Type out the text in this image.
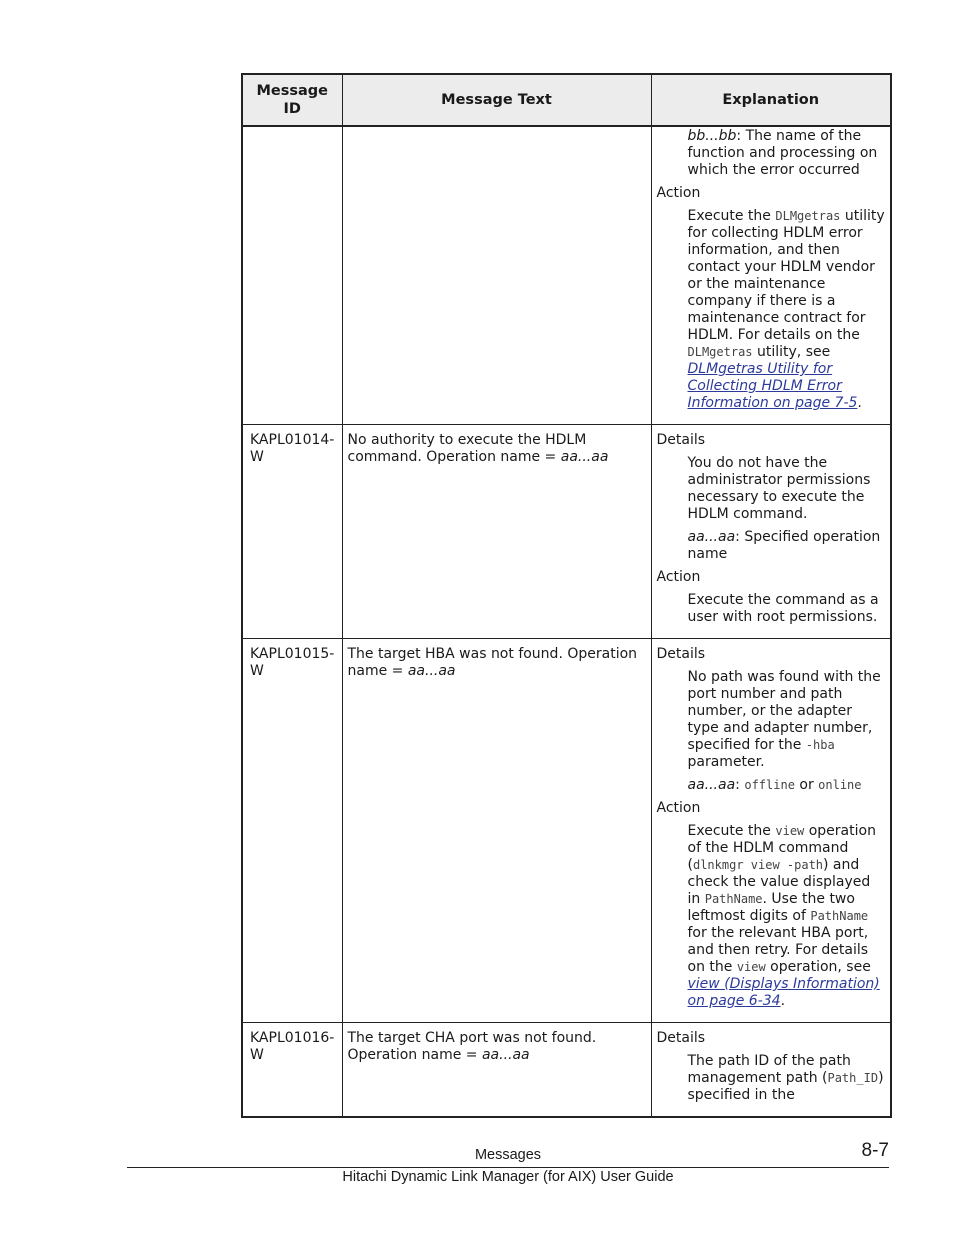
Message ID	Message Text	Explanation

		bb...bb: The name of the function and processing on which the error occurred
Action
Execute the DLMgetras utility for collecting HDLM error information, and then contact your HDLM vendor or the maintenance company if there is a maintenance contract for HDLM. For details on the DLMgetras utility, see DLMgetras Utility for Collecting HDLM Error Information on page 7-5.

KAPL01014-W	No authority to execute the HDLM command. Operation name = aa...aa	Details
You do not have the administrator permissions necessary to execute the HDLM command.
aa...aa: Specified operation name
Action
Execute the command as a user with root permissions.

KAPL01015-W	The target HBA was not found. Operation name = aa...aa	Details
No path was found with the port number and path number, or the adapter type and adapter number, specified for the -hba parameter.
aa...aa: offline or online
Action
Execute the view operation of the HDLM command (dlnkmgr view -path) and check the value displayed in PathName. Use the two leftmost digits of PathName for the relevant HBA port, and then retry. For details on the view operation, see view (Displays Information) on page 6-34.

KAPL01016-W	The target CHA port was not found. Operation name = aa...aa	Details
The path ID of the path management path (Path_ID) specified in the
Messages	8-7
Hitachi Dynamic Link Manager (for AIX) User Guide
